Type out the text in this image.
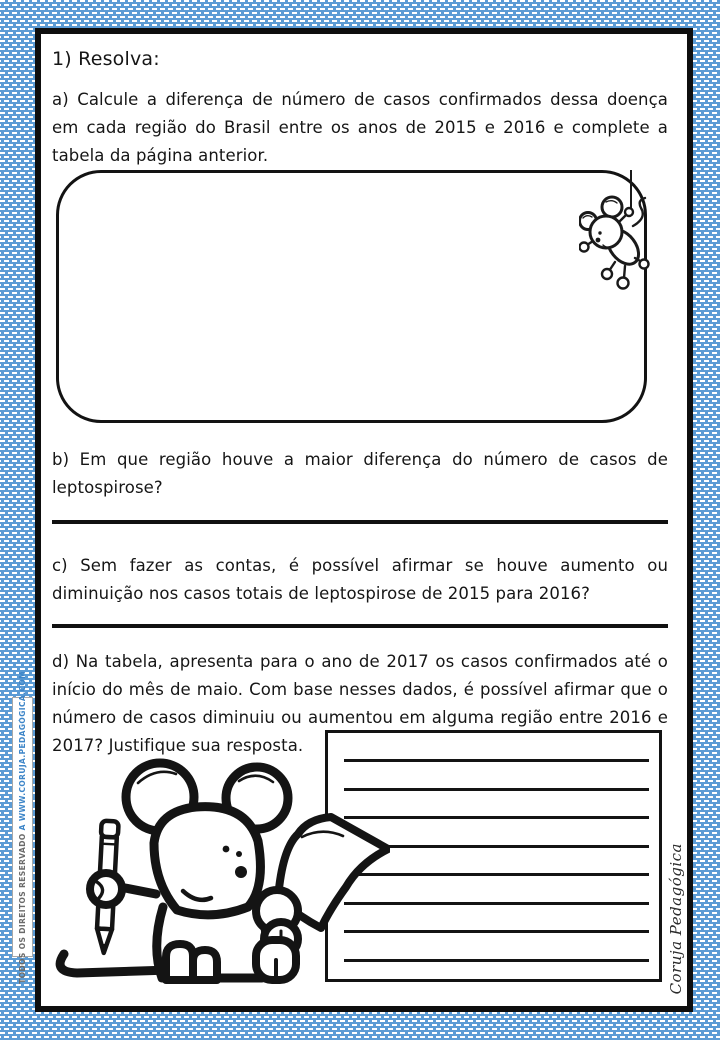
1) Resolva:
a) Calcule a diferença de número de casos confirmados dessa doença em cada região do Brasil entre os anos de 2015 e 2016 e complete a tabela da página anterior.
b) Em que região houve a maior diferença do número de casos de leptospirose?
c) Sem fazer as contas, é possível afirmar se houve aumento ou diminuição nos casos totais de leptospirose de 2015 para 2016?
d) Na tabela, apresenta para o ano de 2017 os casos confirmados até o início do mês de maio. Com base nesses dados, é possível afirmar que o número de casos diminuiu ou aumentou em alguma região entre 2016 e 2017? Justifique sua resposta.
Coruja Pedagógica
TODOS OS DIREITOS RESERVADO A WWW.CORUJA.PEDAGÓGICA.COM
